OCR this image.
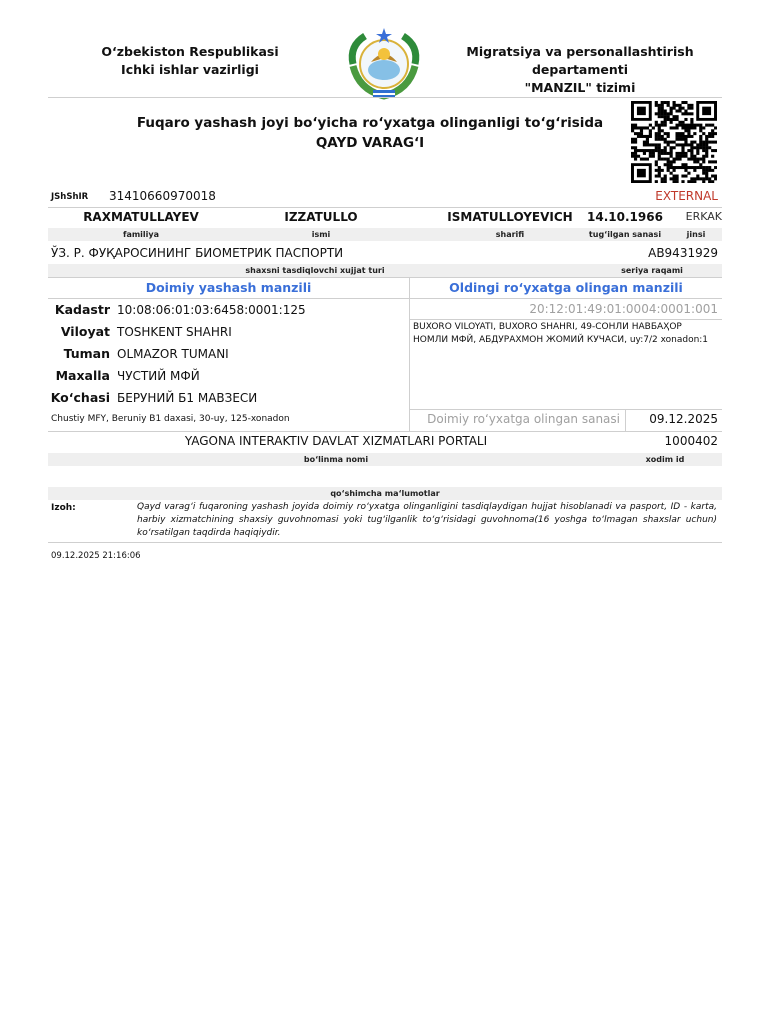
O‘zbekiston Respublikasi
Ichki ishlar vazirligi
Migratsiya va personallashtirish departamenti
"MANZIL" tizimi
Fuqaro yashash joyi bo‘yicha ro‘yxatga olinganligi to‘g‘risida
QAYD VARAG‘I
JShShIR 31410660970018	EXTERNAL
RAXMATULLAYEV	IZZATULLO	ISMATULLOYEVICH	14.10.1966	ERKAK
familiya	ismi	sharifi	tug‘ilgan sanasi	jinsi
ЎЗ. Р. ФУҚАРОСИНИНГ БИОМЕТРИК ПАСПОРТИ	AB9431929
shaxsni tasdiqlovchi xujjat turi	seriya raqami
Doimiy yashash manzili	Oldingi ro‘yxatga olingan manzili
Kadastr 10:08:06:01:03:6458:0001:125
Viloyat TOSHKENT SHAHRI
Tuman OLMAZOR TUMANI
Maxalla ЧУСТИЙ МФЙ
Ko‘chasi БЕРУНИЙ Б1 МАВЗЕСИ
20:12:01:49:01:0004:0001:001
BUXORO VILOYATI, BUXORO SHAHRI, 49-СОНЛИ НАВБАҲОР НОМЛИ МФЙ, АБДУРАХМОН ЖОМИЙ КУЧАСИ, uy:7/2 xonadon:1
Chustiy MFY, Beruniy B1 daxasi, 30-uy, 125-xonadon	Doimiy ro‘yxatga olingan sanasi 09.12.2025
YAGONA INTERAKTIV DAVLAT XIZMATLARI PORTALI	1000402
bo‘linma nomi	xodim id
qo‘shimcha ma‘lumotlar
Izoh:	Qayd varag‘i fuqaroning yashash joyida doimiy ro‘yxatga olinganligini tasdiqlaydigan hujjat hisoblanadi va pasport, ID - karta, harbiy xizmatchining shaxsiy guvohnomasi yoki tug‘ilganlik to‘g‘risidagi guvohnoma(16 yoshga to‘lmagan shaxslar uchun) ko‘rsatilgan taqdirda haqiqiydir.
09.12.2025 21:16:06
